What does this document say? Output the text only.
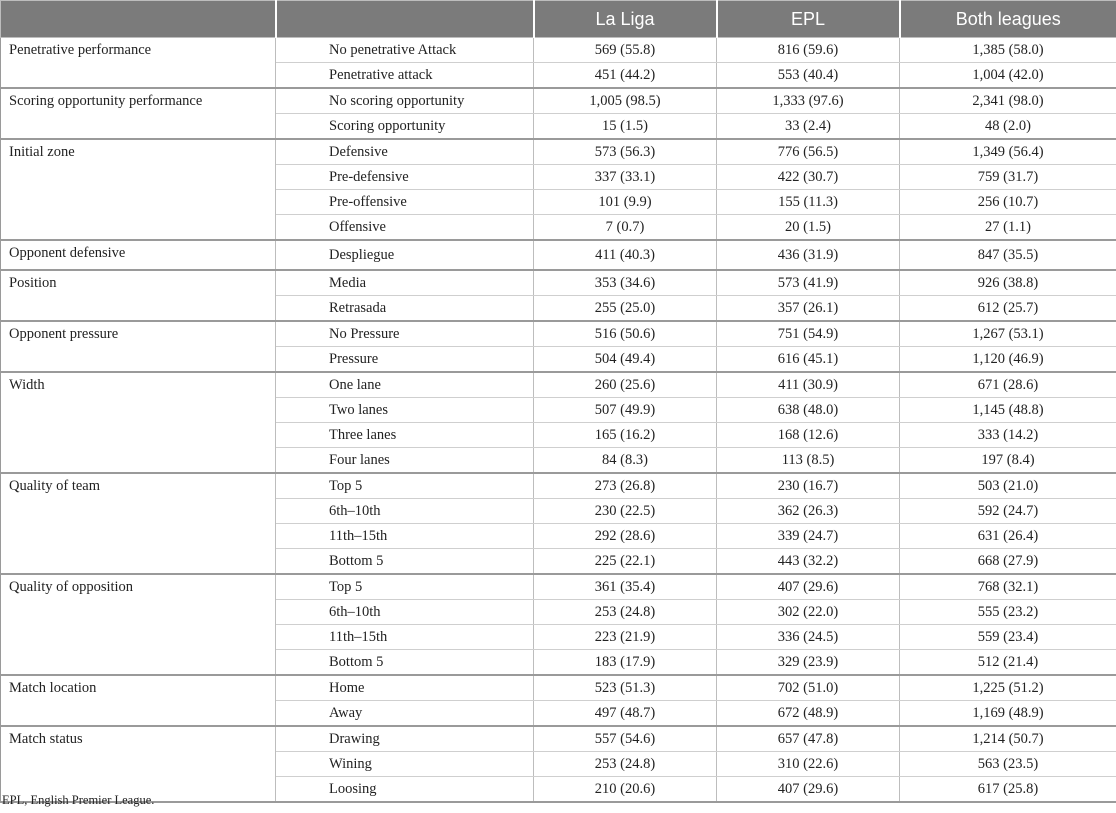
		La Liga	EPL	Both leagues
Penetrative performance	No penetrative Attack	569 (55.8)	816 (59.6)	1,385 (58.0)
	Penetrative attack	451 (44.2)	553 (40.4)	1,004 (42.0)
Scoring opportunity performance	No scoring opportunity	1,005 (98.5)	1,333 (97.6)	2,341 (98.0)
	Scoring opportunity	15 (1.5)	33 (2.4)	48 (2.0)
Initial zone	Defensive	573 (56.3)	776 (56.5)	1,349 (56.4)
	Pre-defensive	337 (33.1)	422 (30.7)	759 (31.7)
	Pre-offensive	101 (9.9)	155 (11.3)	256 (10.7)
	Offensive	7 (0.7)	20 (1.5)	27 (1.1)
Opponent defensive	Despliegue	411 (40.3)	436 (31.9)	847 (35.5)
Position	Media	353 (34.6)	573 (41.9)	926 (38.8)
	Retrasada	255 (25.0)	357 (26.1)	612 (25.7)
Opponent pressure	No Pressure	516 (50.6)	751 (54.9)	1,267 (53.1)
	Pressure	504 (49.4)	616 (45.1)	1,120 (46.9)
Width	One lane	260 (25.6)	411 (30.9)	671 (28.6)
	Two lanes	507 (49.9)	638 (48.0)	1,145 (48.8)
	Three lanes	165 (16.2)	168 (12.6)	333 (14.2)
	Four lanes	84 (8.3)	113 (8.5)	197 (8.4)
Quality of team	Top 5	273 (26.8)	230 (16.7)	503 (21.0)
	6th–10th	230 (22.5)	362 (26.3)	592 (24.7)
	11th–15th	292 (28.6)	339 (24.7)	631 (26.4)
	Bottom 5	225 (22.1)	443 (32.2)	668 (27.9)
Quality of opposition	Top 5	361 (35.4)	407 (29.6)	768 (32.1)
	6th–10th	253 (24.8)	302 (22.0)	555 (23.2)
	11th–15th	223 (21.9)	336 (24.5)	559 (23.4)
	Bottom 5	183 (17.9)	329 (23.9)	512 (21.4)
Match location	Home	523 (51.3)	702 (51.0)	1,225 (51.2)
	Away	497 (48.7)	672 (48.9)	1,169 (48.9)
Match status	Drawing	557 (54.6)	657 (47.8)	1,214 (50.7)
	Wining	253 (24.8)	310 (22.6)	563 (23.5)
	Loosing	210 (20.6)	407 (29.6)	617 (25.8)
EPL, English Premier League.
